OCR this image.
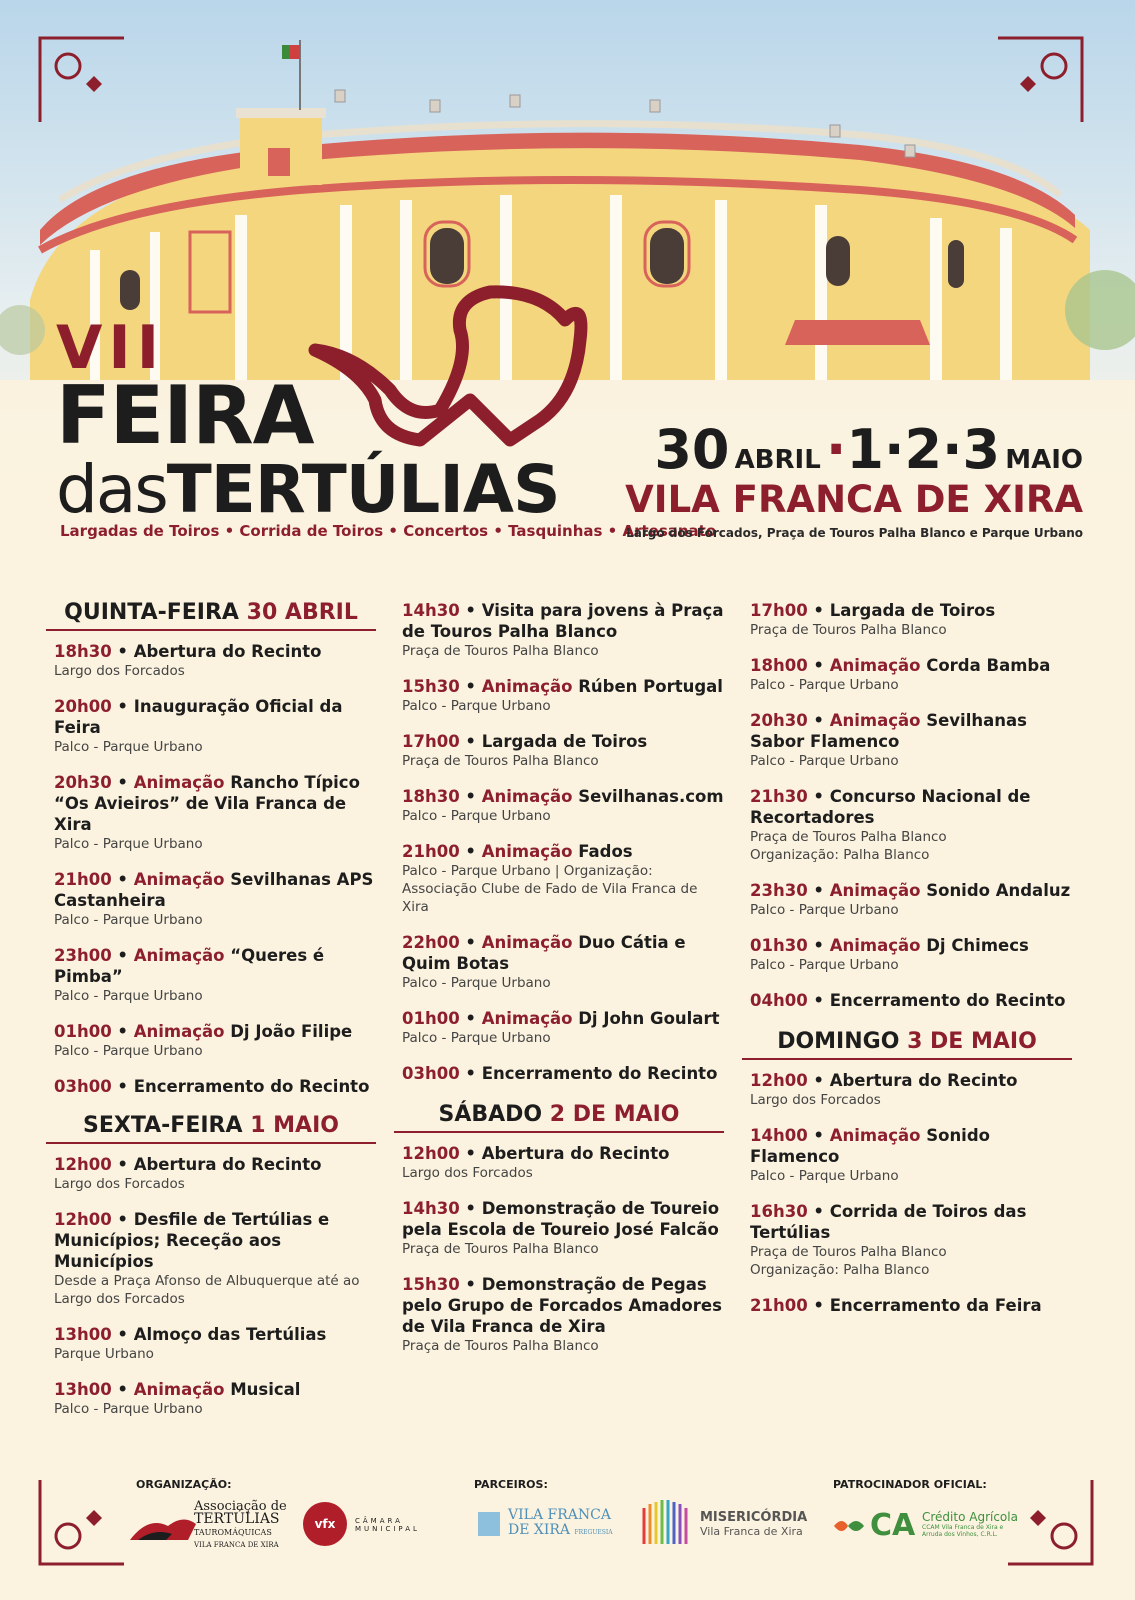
VII
FEIRA
dasTERTÚLIAS
Largadas de Toiros • Corrida de Toiros • Concertos • Tasquinhas • Artesanato
30 ABRIL ·1·2·3 MAIO
VILA FRANCA DE XIRA
Largo dos Forcados, Praça de Touros Palha Blanco e Parque Urbano
QUINTA-FEIRA 30 ABRIL
18h30 • Abertura do Recinto
Largo dos Forcados
20h00 • Inauguração Oficial da Feira
Palco - Parque Urbano
20h30 • Animação Rancho Típico “Os Avieiros” de Vila Franca de Xira
Palco - Parque Urbano
21h00 • Animação Sevilhanas APS Castanheira
Palco - Parque Urbano
23h00 • Animação “Queres é Pimba”
Palco - Parque Urbano
01h00 • Animação Dj João Filipe
Palco - Parque Urbano
03h00 • Encerramento do Recinto
SEXTA-FEIRA 1 MAIO
12h00 • Abertura do Recinto
Largo dos Forcados
12h00 • Desfile de Tertúlias e Municípios; Receção aos Municípios
Desde a Praça Afonso de Albuquerque até ao Largo dos Forcados
13h00 • Almoço das Tertúlias
Parque Urbano
13h00 • Animação Musical
Palco - Parque Urbano
14h30 • Visita para jovens à Praça de Touros Palha Blanco
Praça de Touros Palha Blanco
15h30 • Animação Rúben Portugal
Palco - Parque Urbano
17h00 • Largada de Toiros
Praça de Touros Palha Blanco
18h30 • Animação Sevilhanas.com
Palco - Parque Urbano
21h00 • Animação Fados
Palco - Parque Urbano | Organização: Associação Clube de Fado de Vila Franca de Xira
22h00 • Animação Duo Cátia e Quim Botas
Palco - Parque Urbano
01h00 • Animação Dj John Goulart
Palco - Parque Urbano
03h00 • Encerramento do Recinto
SÁBADO 2 DE MAIO
12h00 • Abertura do Recinto
Largo dos Forcados
14h30 • Demonstração de Toureio pela Escola de Toureio José Falcão
Praça de Touros Palha Blanco
15h30 • Demonstração de Pegas pelo Grupo de Forcados Amadores de Vila Franca de Xira
Praça de Touros Palha Blanco
17h00 • Largada de Toiros
Praça de Touros Palha Blanco
18h00 • Animação Corda Bamba
Palco - Parque Urbano
20h30 • Animação Sevilhanas Sabor Flamenco
Palco - Parque Urbano
21h30 • Concurso Nacional de Recortadores
Praça de Touros Palha Blanco
Organização: Palha Blanco
23h30 • Animação Sonido Andaluz
Palco - Parque Urbano
01h30 • Animação Dj Chimecs
Palco - Parque Urbano
04h00 • Encerramento do Recinto
DOMINGO 3 DE MAIO
12h00 • Abertura do Recinto
Largo dos Forcados
14h00 • Animação Sonido Flamenco
Palco - Parque Urbano
16h30 • Corrida de Toiros das Tertúlias
Praça de Touros Palha Blanco
Organização: Palha Blanco
21h00 • Encerramento da Feira
ORGANIZAÇÃO:	PARCEIROS:	PATROCINADOR OFICIAL:
Associação de
TERTÚLIAS
TAUROMÁQUICAS
VILA FRANCA DE XIRA
vfx	CÂMARA MUNICIPAL
VILA FRANCA
DE XIRA FREGUESIA
MISERICÓRDIA
Vila Franca de Xira CA Crédito Agrícola
CCAM Vila Franca de Xira e
Arruda dos Vinhos, C.R.L.
